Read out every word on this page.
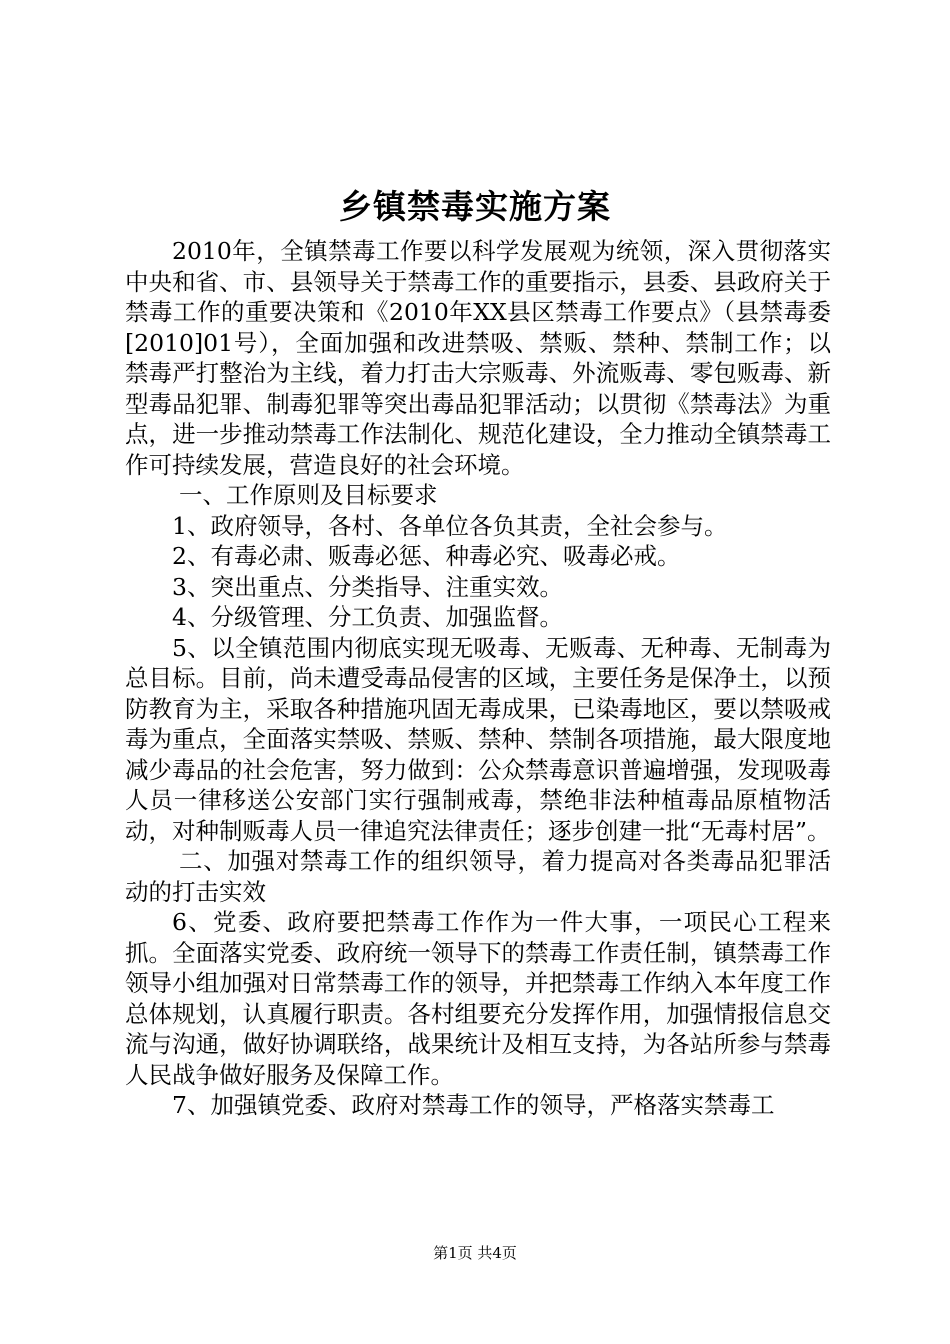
乡镇禁毒实施方案

2010年，全镇禁毒工作要以科学发展观为统领，深入贯彻落实中央和省、市、县领导关于禁毒工作的重要指示，县委、县政府关于禁毒工作的重要决策和《2010年XX县区禁毒工作要点》（县禁毒委[2010]01号），全面加强和改进禁吸、禁贩、禁种、禁制工作；以禁毒严打整治为主线，着力打击大宗贩毒、外流贩毒、零包贩毒、新型毒品犯罪、制毒犯罪等突出毒品犯罪活动；以贯彻《禁毒法》为重点，进一步推动禁毒工作法制化、规范化建设，全力推动全镇禁毒工作可持续发展，营造良好的社会环境。

一、工作原则及目标要求

1、政府领导，各村、各单位各负其责，全社会参与。

2、有毒必肃、贩毒必惩、种毒必究、吸毒必戒。

3、突出重点、分类指导、注重实效。

4、分级管理、分工负责、加强监督。

5、以全镇范围内彻底实现无吸毒、无贩毒、无种毒、无制毒为总目标。目前，尚未遭受毒品侵害的区域，主要任务是保净土，以预防教育为主，采取各种措施巩固无毒成果，已染毒地区，要以禁吸戒毒为重点，全面落实禁吸、禁贩、禁种、禁制各项措施，最大限度地减少毒品的社会危害，努力做到：公众禁毒意识普遍增强，发现吸毒人员一律移送公安部门实行强制戒毒，禁绝非法种植毒品原植物活动，对种制贩毒人员一律追究法律责任；逐步创建一批“无毒村居”。

二、加强对禁毒工作的组织领导，着力提高对各类毒品犯罪活动的打击实效

6、党委、政府要把禁毒工作作为一件大事，一项民心工程来抓。全面落实党委、政府统一领导下的禁毒工作责任制，镇禁毒工作领导小组加强对日常禁毒工作的领导，并把禁毒工作纳入本年度工作总体规划，认真履行职责。各村组要充分发挥作用，加强情报信息交流与沟通，做好协调联络，战果统计及相互支持，为各站所参与禁毒人民战争做好服务及保障工作。

7、加强镇党委、政府对禁毒工作的领导，严格落实禁毒工

第1页 共4页
